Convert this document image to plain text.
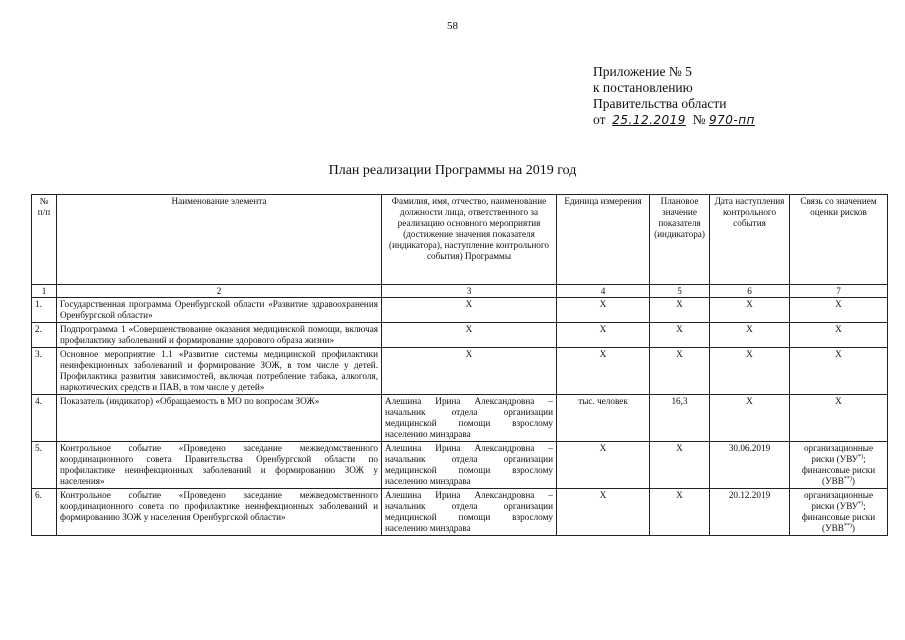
58
Приложение № 5
к постановлению
Правительства области
от 25.12.2019 № 970-пп
План реализации Программы на 2019 год
№ п/п	Наименование элемента	Фамилия, имя, отчество, наименование должности лица, ответственного за реализацию основного мероприятия (достижение значения показателя (индикатора), наступление контрольного события) Программы	Единица измерения	Плановое значение показателя (индикатора)	Дата наступления контрольного события	Связь со значением оценки рисков
1	2	3	4	5	6	7
1.	Государственная программа Оренбургской области «Развитие здравоохранения Оренбургской области»	Х	Х	Х	Х	Х
2.	Подпрограмма 1 «Совершенствование оказания медицинской помощи, включая профилактику заболеваний и формирование здорового образа жизни»	Х	Х	Х	Х	Х
3.	Основное мероприятие 1.1 «Развитие системы медицинской профилактики неинфекционных заболеваний и формирование ЗОЖ, в том числе у детей. Профилактика развития зависимостей, включая потребление табака, алкоголя, наркотических средств и ПАВ, в том числе у детей»	Х	Х	Х	Х	Х
4.	Показатель (индикатор) «Обращаемость в МО по вопросам ЗОЖ»	Алешина Ирина Александровна – начальник отдела организации медицинской помощи взрослому населению минздрава	тыс. человек	16,3	Х	Х
5.	Контрольное событие «Проведено заседание межведомственного координационного совета Правительства Оренбургской области по профилактике неинфекционных заболеваний и формированию ЗОЖ у населения»	Алешина Ирина Александровна – начальник отдела организации медицинской помощи взрослому населению минздрава	Х	Х	30.06.2019	организационные риски (УВУ*); финансовые риски (УВВ**))
6.	Контрольное событие «Проведено заседание межведомственного координационного совета по профилактике неинфекционных заболеваний и формированию ЗОЖ у населения Оренбургской области»	Алешина Ирина Александровна – начальник отдела организации медицинской помощи взрослому населению минздрава	Х	Х	20.12.2019	организационные риски (УВУ*); финансовые риски (УВВ**))
